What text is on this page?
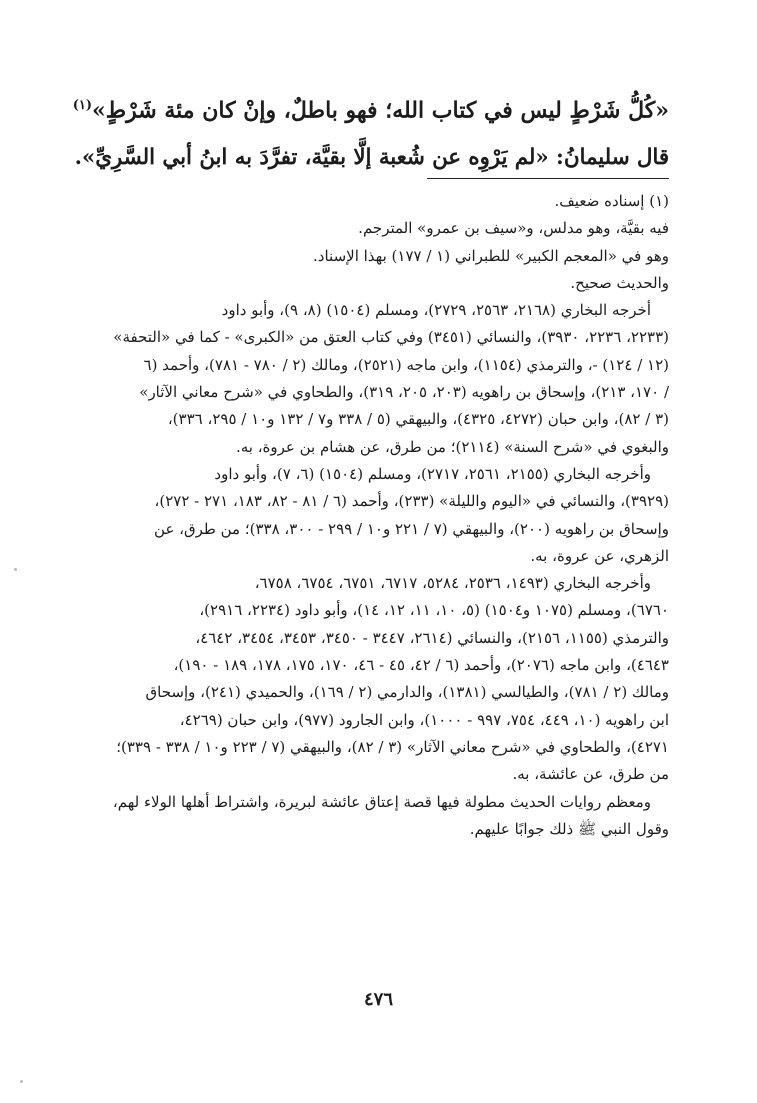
«كُلُّ شَرْطٍ ليس في كتاب الله؛ فهو باطلٌ، وإنْ كان مئة شَرْطٍ»$^{(١)}$
قال سليمانُ: «لم يَرْوِه عن شُعبة إلَّا بقيَّة، تفرَّدَ به ابنُ أبي السَّرِيِّ».
(١) إسناده ضعيف.
فيه بقيَّة، وهو مدلس، و«سيف بن عمرو» المترجم.
وهو في «المعجم الكبير» للطبراني (١ / ١٧٧) بهذا الإسناد.
والحديث صحيح.
أخرجه البخاري (٢١٦٨، ٢٥٦٣، ٢٧٢٩)، ومسلم (١٥٠٤) (٨، ٩)، وأبو داود
(٢٢٣٣، ٢٢٣٦، ٣٩٣٠)، والنسائي (٣٤٥١) وفي كتاب العتق من «الكبرى» - كما في «التحفة»
(١٢ / ١٢٤) -، والترمذي (١١٥٤)، وابن ماجه (٢٥٢١)، ومالك (٢ / ٧٨٠ - ٧٨١)، وأحمد (٦
/ ١٧٠، ٢١٣)، وإسحاق بن راهويه (٢٠٣، ٢٠٥، ٣١٩)، والطحاوي في «شرح معاني الآثار»
(٣ / ٨٢)، وابن حبان (٤٢٧٢، ٤٣٢٥)، والبيهقي (٥ / ٣٣٨ و٧ / ١٣٢ و١٠ / ٢٩٥، ٣٣٦)،
والبغوي في «شرح السنة» (٢١١٤)؛ من طرق، عن هشام بن عروة، به.
وأخرجه البخاري (٢١٥٥، ٢٥٦١، ٢٧١٧)، ومسلم (١٥٠٤) (٦، ٧)، وأبو داود
(٣٩٢٩)، والنسائي في «اليوم والليلة» (٢٣٣)، وأحمد (٦ / ٨١ - ٨٢، ١٨٣، ٢٧١ - ٢٧٢)،
وإسحاق بن راهويه (٢٠٠)، والبيهقي (٧ / ٢٢١ و١٠ / ٢٩٩ - ٣٠٠، ٣٣٨)؛ من طرق، عن
الزهري، عن عروة، به.
وأخرجه البخاري (١٤٩٣، ٢٥٣٦، ٥٢٨٤، ٦٧١٧، ٦٧٥١، ٦٧٥٤، ٦٧٥٨،
٦٧٦٠)، ومسلم (١٠٧٥ و١٥٠٤) (٥، ١٠، ١١، ١٢، ١٤)، وأبو داود (٢٢٣٤، ٢٩١٦)،
والترمذي (١١٥٥، ٢١٥٦)، والنسائي (٢٦١٤، ٣٤٤٧ - ٣٤٥٠، ٣٤٥٣، ٣٤٥٤، ٤٦٤٢،
٤٦٤٣)، وابن ماجه (٢٠٧٦)، وأحمد (٦ / ٤٢، ٤٥ - ٤٦، ١٧٠، ١٧٥، ١٧٨، ١٨٩ - ١٩٠)،
ومالك (٢ / ٧٨١)، والطيالسي (١٣٨١)، والدارمي (٢ / ١٦٩)، والحميدي (٢٤١)، وإسحاق
ابن راهويه (١٠، ٤٤٩، ٧٥٤، ٩٩٧ - ١٠٠٠)، وابن الجارود (٩٧٧)، وابن حبان (٤٢٦٩،
٤٢٧١)، والطحاوي في «شرح معاني الآثار» (٣ / ٨٢)، والبيهقي (٧ / ٢٢٣ و١٠ / ٣٣٨ - ٣٣٩)؛
من طرق، عن عائشة، به.
ومعظم روايات الحديث مطولة فيها قصة إعتاق عائشة لبريرة، واشتراط أهلها الولاء لهم،
وقول النبي ﷺ ذلك جوابًا عليهم.
٤٧٦
